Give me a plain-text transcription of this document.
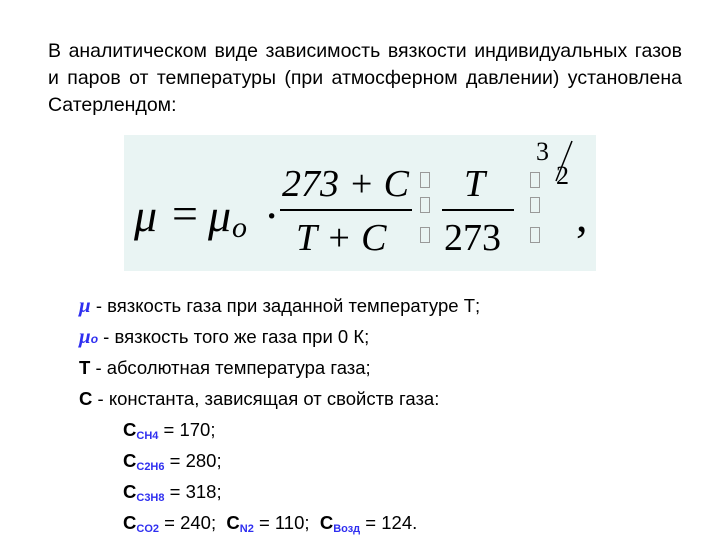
В аналитическом виде зависимость вязкости индивидуальных газов и паров от температуры (при атмосферном давлении) установлена Сатерлендом:
μ = μ o ·
273 + C
T + C
T
273
3
2
,
μ - вязкость газа при заданной температуре Т;
μo - вязкость того же газа при 0 К;
Т - абсолютная температура газа;
С - константа, зависящая от свойств газа:
$С_{CH4} = 170$;
$С_{C2H6} = 280$;
$С_{C3H8} = 318$;
$С_{CO2} = 240$; $С_{N2} = 110$; $С_{Возд} = 124$.
